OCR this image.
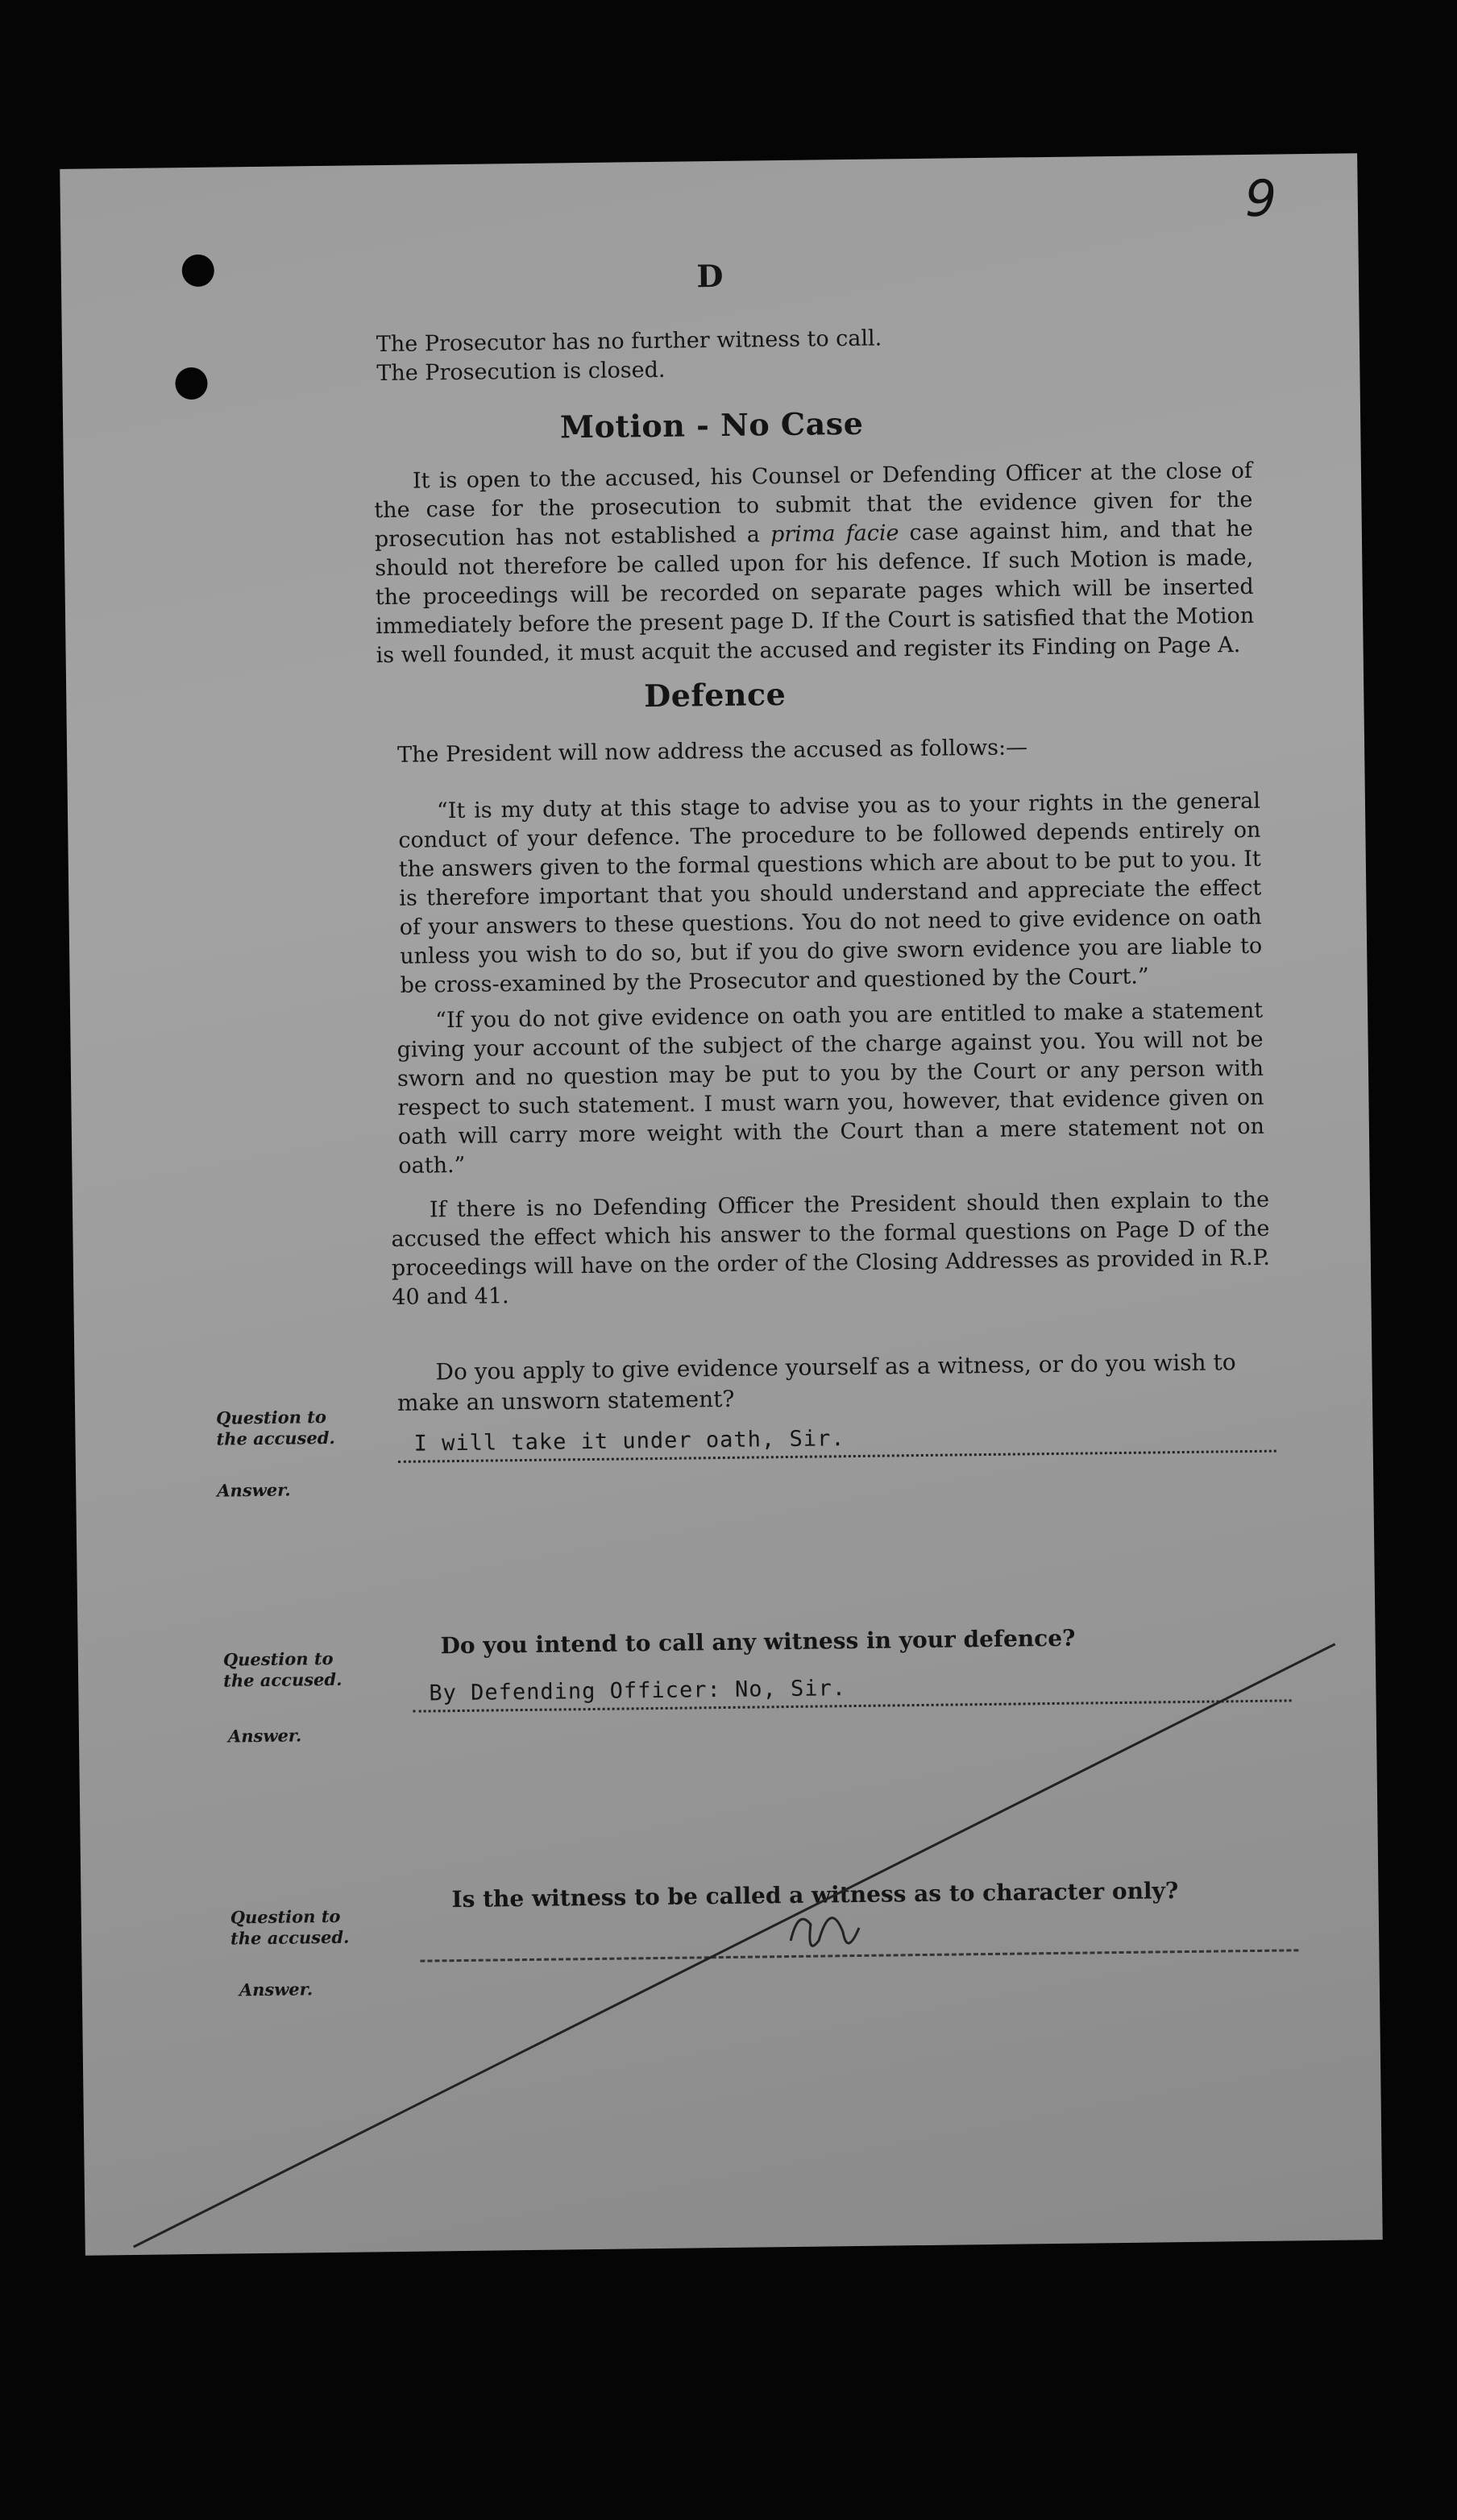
9
D
The Prosecutor has no further witness to call.
The Prosecution is closed.
Motion - No Case
It is open to the accused, his Counsel or Defending Officer at the close of the case for the prosecution to submit that the evidence given for the prosecution has not established a prima facie case against him, and that he should not therefore be called upon for his defence. If such Motion is made, the proceedings will be recorded on separate pages which will be inserted immediately before the present page D. If the Court is satisfied that the Motion is well founded, it must acquit the accused and register its Finding on Page A.
Defence
The President will now address the accused as follows:—
“It is my duty at this stage to advise you as to your rights in the general conduct of your defence. The procedure to be followed depends entirely on the answers given to the formal questions which are about to be put to you. It is therefore important that you should understand and appreciate the effect of your answers to these questions. You do not need to give evidence on oath unless you wish to do so, but if you do give sworn evidence you are liable to be cross-examined by the Prosecutor and questioned by the Court.”
“If you do not give evidence on oath you are entitled to make a statement giving your account of the subject of the charge against you. You will not be sworn and no question may be put to you by the Court or any person with respect to such statement. I must warn you, however, that evidence given on oath will carry more weight with the Court than a mere statement not on oath.”
If there is no Defending Officer the President should then explain to the accused the effect which his answer to the formal questions on Page D of the proceedings will have on the order of the Closing Addresses as provided in R.P. 40 and 41.
Question to
the accused.
Do you apply to give evidence yourself as a witness, or do you wish to make an unsworn statement?
I will take it under oath, Sir.
Answer.
Question to
the accused.
Do you intend to call any witness in your defence?
By Defending Officer: No, Sir.
Answer.
Question to
the accused.
Is the witness to be called a witness as to character only?
Answer.
